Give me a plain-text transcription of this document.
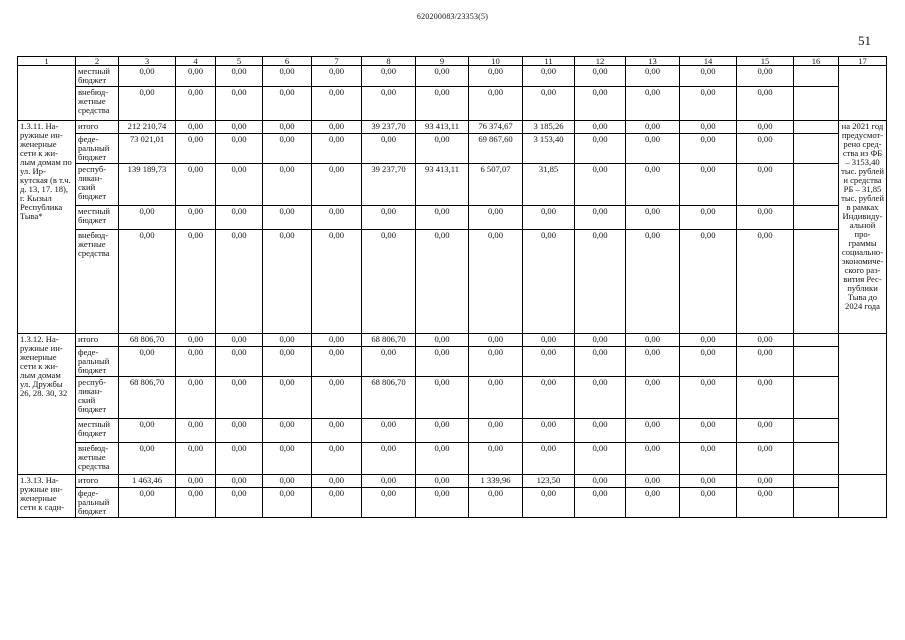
620200083/23353(5)
51
1	2	3	4	5	6	7	8	9	10	11	12	13	14	15	16	17
	местный бюджет	0,00	0,00	0,00	0,00	0,00	0,00	0,00	0,00	0,00	0,00	0,00	0,00	0,00		
	внебюд-жетные средства	0,00	0,00	0,00	0,00	0,00	0,00	0,00	0,00	0,00	0,00	0,00	0,00	0,00		
1.3.11. На-ружные ин-женерные сети к жи-лым домам по ул. Ир-кутская (в т.ч. д. 13, 17. 18), г. Кызыл Республика Тыва*	итого	212 210,74	0,00	0,00	0,00	0,00	39 237,70	93 413,11	76 374,67	3 185,26	0,00	0,00	0,00	0,00		на 2021 год предусмот-рено сред-ства из ФБ – 3153,40 тыс. рублей и средства РБ – 31,85 тыс. рублей в рамках Индивиду-альной про-граммы социально-экономиче-ского раз-вития Рес-публики Тыва до 2024 года
	феде-ральный бюджет	73 021,01	0,00	0,00	0,00	0,00	0,00	0,00	69 867,60	3 153,40	0,00	0,00	0,00	0,00		
	респуб-ликан-ский бюджет	139 189,73	0,00	0,00	0,00	0,00	39 237,70	93 413,11	6 507,07	31,85	0,00	0,00	0,00	0,00		
	местный бюджет	0,00	0,00	0,00	0,00	0,00	0,00	0,00	0,00	0,00	0,00	0,00	0,00	0,00		
	внебюд-жетные средства	0,00	0,00	0,00	0,00	0,00	0,00	0,00	0,00	0,00	0,00	0,00	0,00	0,00		
1.3.12. На-ружные ин-женерные сети к жи-лым домам ул. Дружбы 26, 28. 30, 32	итого	68 806,70	0,00	0,00	0,00	0,00	68 806,70	0,00	0,00	0,00	0,00	0,00	0,00	0,00		
	феде-ральный бюджет	0,00	0,00	0,00	0,00	0,00	0,00	0,00	0,00	0,00	0,00	0,00	0,00	0,00		
	респуб-ликан-ский бюджет	68 806,70	0,00	0,00	0,00	0,00	68 806,70	0,00	0,00	0,00	0,00	0,00	0,00	0,00		
	местный бюджет	0,00	0,00	0,00	0,00	0,00	0,00	0,00	0,00	0,00	0,00	0,00	0,00	0,00		
	внебюд-жетные средства	0,00	0,00	0,00	0,00	0,00	0,00	0,00	0,00	0,00	0,00	0,00	0,00	0,00		
1.3.13. На-ружные ин-женерные сети к сади-	итого	1 463,46	0,00	0,00	0,00	0,00	0,00	0,00	1 339,96	123,50	0,00	0,00	0,00	0,00		
	феде-ральный бюджет	0,00	0,00	0,00	0,00	0,00	0,00	0,00	0,00	0,00	0,00	0,00	0,00	0,00		
